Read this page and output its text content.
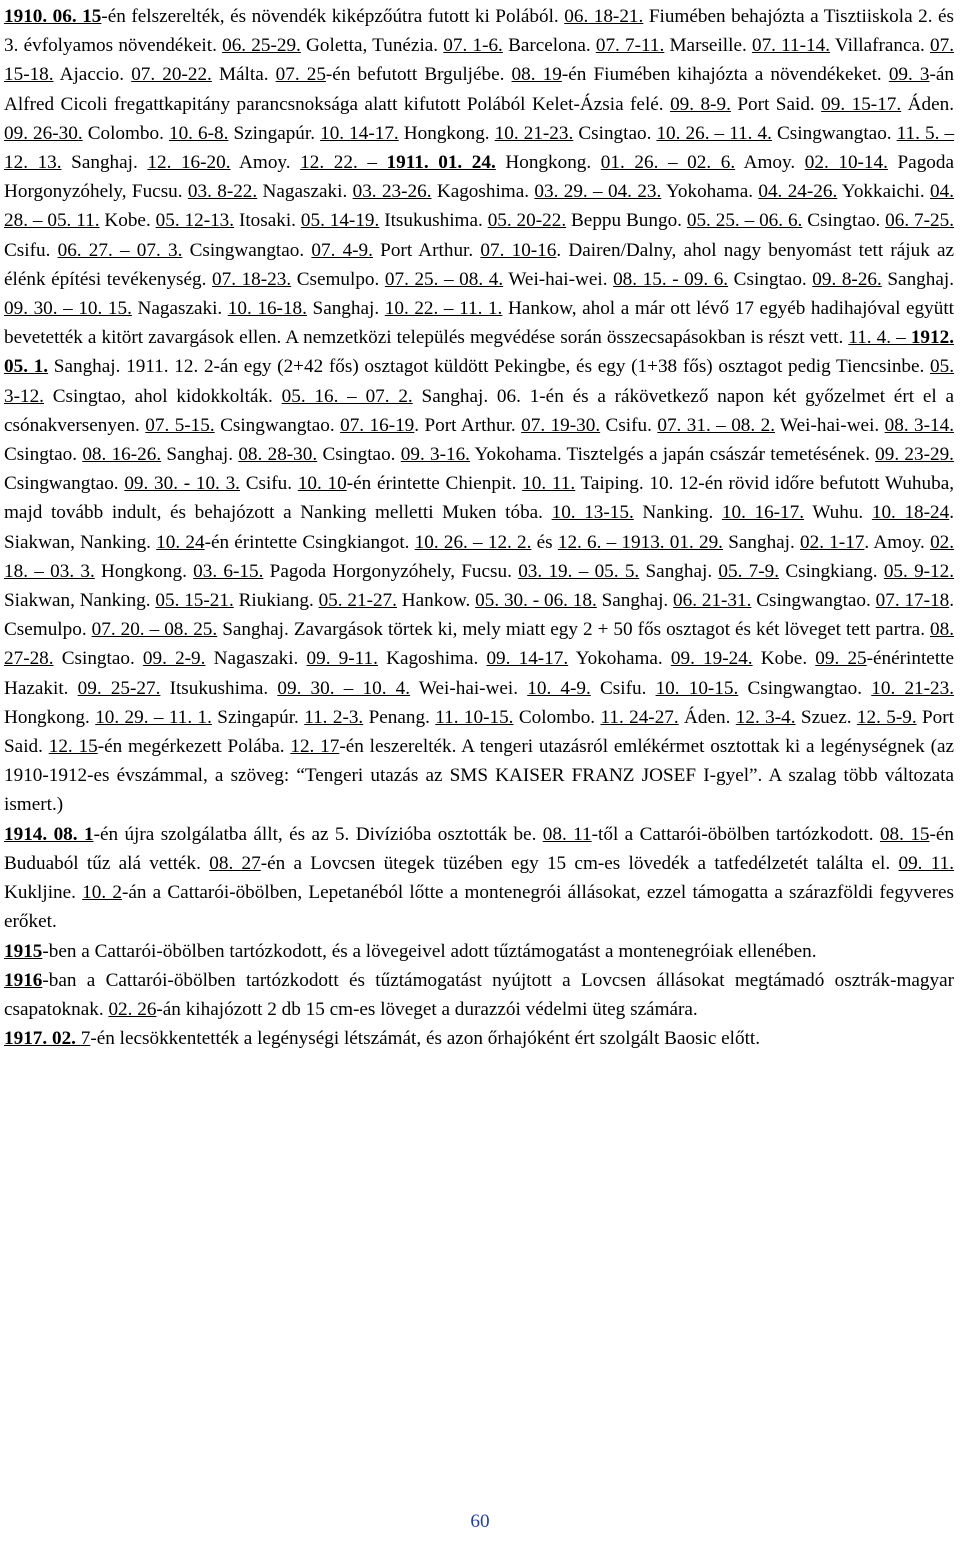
1910. 06. 15-én felszerelték, és növendék kiképzőútra futott ki Polából. 06. 18-21. Fiumében behajózta a Tisztiiskola 2. és 3. évfolyamos növendékeit. 06. 25-29. Goletta, Tunézia. 07. 1-6. Barcelona. 07. 7-11. Marseille. 07. 11-14. Villafranca. 07. 15-18. Ajaccio. 07. 20-22. Málta. 07. 25-én befutott Brguljébe. 08. 19-én Fiumében kihajózta a növendékeket. 09. 3-án Alfred Cicoli fregattkapitány parancsnoksága alatt kifutott Polából Kelet-Ázsia felé. 09. 8-9. Port Said. 09. 15-17. Áden. 09. 26-30. Colombo. 10. 6-8. Szingapúr. 10. 14-17. Hongkong. 10. 21-23. Csingtao. 10. 26. – 11. 4. Csingwangtao. 11. 5. – 12. 13. Sanghaj. 12. 16-20. Amoy. 12. 22. – 1911. 01. 24. Hongkong. 01. 26. – 02. 6. Amoy. 02. 10-14. Pagoda Horgonyzóhely, Fucsu. 03. 8-22. Nagaszaki. 03. 23-26. Kagoshima. 03. 29. – 04. 23. Yokohama. 04. 24-26. Yokkaichi. 04. 28. – 05. 11. Kobe. 05. 12-13. Itosaki. 05. 14-19. Itsukushima. 05. 20-22. Beppu Bungo. 05. 25. – 06. 6. Csingtao. 06. 7-25. Csifu. 06. 27. – 07. 3. Csingwangtao. 07. 4-9. Port Arthur. 07. 10-16. Dairen/Dalny, ahol nagy benyomást tett rájuk az élénk építési tevékenység. 07. 18-23. Csemulpo. 07. 25. – 08. 4. Wei-hai-wei. 08. 15. - 09. 6. Csingtao. 09. 8-26. Sanghaj. 09. 30. – 10. 15. Nagaszaki. 10. 16-18. Sanghaj. 10. 22. – 11. 1. Hankow, ahol a már ott lévő 17 egyéb hadihajóval együtt bevetették a kitört zavargások ellen. A nemzetközi település megvédése során összecsapásokban is részt vett. 11. 4. – 1912. 05. 1. Sanghaj. 1911. 12. 2-án egy (2+42 fős) osztagot küldött Pekingbe, és egy (1+38 fős) osztagot pedig Tiencsinbe. 05. 3-12. Csingtao, ahol kidokkolták. 05. 16. – 07. 2. Sanghaj. 06. 1-én és a rákövetkező napon két győzelmet ért el a csónakversenyen. 07. 5-15. Csingwangtao. 07. 16-19. Port Arthur. 07. 19-30. Csifu. 07. 31. – 08. 2. Wei-hai-wei. 08. 3-14. Csingtao. 08. 16-26. Sanghaj. 08. 28-30. Csingtao. 09. 3-16. Yokohama. Tisztelgés a japán császár temetésének. 09. 23-29. Csingwangtao. 09. 30. - 10. 3. Csifu. 10. 10-én érintette Chienpit. 10. 11. Taiping. 10. 12-én rövid időre befutott Wuhuba, majd tovább indult, és behajózott a Nanking melletti Muken tóba. 10. 13-15. Nanking. 10. 16-17. Wuhu. 10. 18-24. Siakwan, Nanking. 10. 24-én érintette Csingkiangot. 10. 26. – 12. 2. és 12. 6. – 1913. 01. 29. Sanghaj. 02. 1-17. Amoy. 02. 18. – 03. 3. Hongkong. 03. 6-15. Pagoda Horgonyzóhely, Fucsu. 03. 19. – 05. 5. Sanghaj. 05. 7-9. Csingkiang. 05. 9-12. Siakwan, Nanking. 05. 15-21. Riukiang. 05. 21-27. Hankow. 05. 30. - 06. 18. Sanghaj. 06. 21-31. Csingwangtao. 07. 17-18. Csemulpo. 07. 20. – 08. 25. Sanghaj. Zavargások törtek ki, mely miatt egy 2 + 50 fős osztagot és két löveget tett partra. 08. 27-28. Csingtao. 09. 2-9. Nagaszaki. 09. 9-11. Kagoshima. 09. 14-17. Yokohama. 09. 19-24. Kobe. 09. 25-énérintette Hazakit. 09. 25-27. Itsukushima. 09. 30. – 10. 4. Wei-hai-wei. 10. 4-9. Csifu. 10. 10-15. Csingwangtao. 10. 21-23. Hongkong. 10. 29. – 11. 1. Szingapúr. 11. 2-3. Penang. 11. 10-15. Colombo. 11. 24-27. Áden. 12. 3-4. Szuez. 12. 5-9. Port Said. 12. 15-én megérkezett Polába. 12. 17-én leszerelték. A tengeri utazásról emlékérmet osztottak ki a legénységnek (az 1910-1912-es évszámmal, a szöveg: “Tengeri utazás az SMS KAISER FRANZ JOSEF I-gyel”. A szalag több változata ismert.)

1914. 08. 1-én újra szolgálatba állt, és az 5. Divízióba osztották be. 08. 11-től a Cattarói-öbölben tartózkodott. 08. 15-én Buduaból tűz alá vették. 08. 27-én a Lovcsen ütegek tüzében egy 15 cm-es lövedék a tatfedélzetét találta el. 09. 11. Kukljine. 10. 2-án a Cattarói-öbölben, Lepetanéból lőtte a montenegrói állásokat, ezzel támogatta a szárazföldi fegyveres erőket.

1915-ben a Cattarói-öbölben tartózkodott, és a lövegeivel adott tűztámogatást a montenegróiak ellenében.

1916-ban a Cattarói-öbölben tartózkodott és tűztámogatást nyújtott a Lovcsen állásokat megtámadó osztrák-magyar csapatoknak. 02. 26-án kihajózott 2 db 15 cm-es löveget a durazzói védelmi üteg számára.

1917. 02. 7-én lecsökkentették a legénységi létszámát, és azon őrhajóként ért szolgált Baosic előtt.

60
